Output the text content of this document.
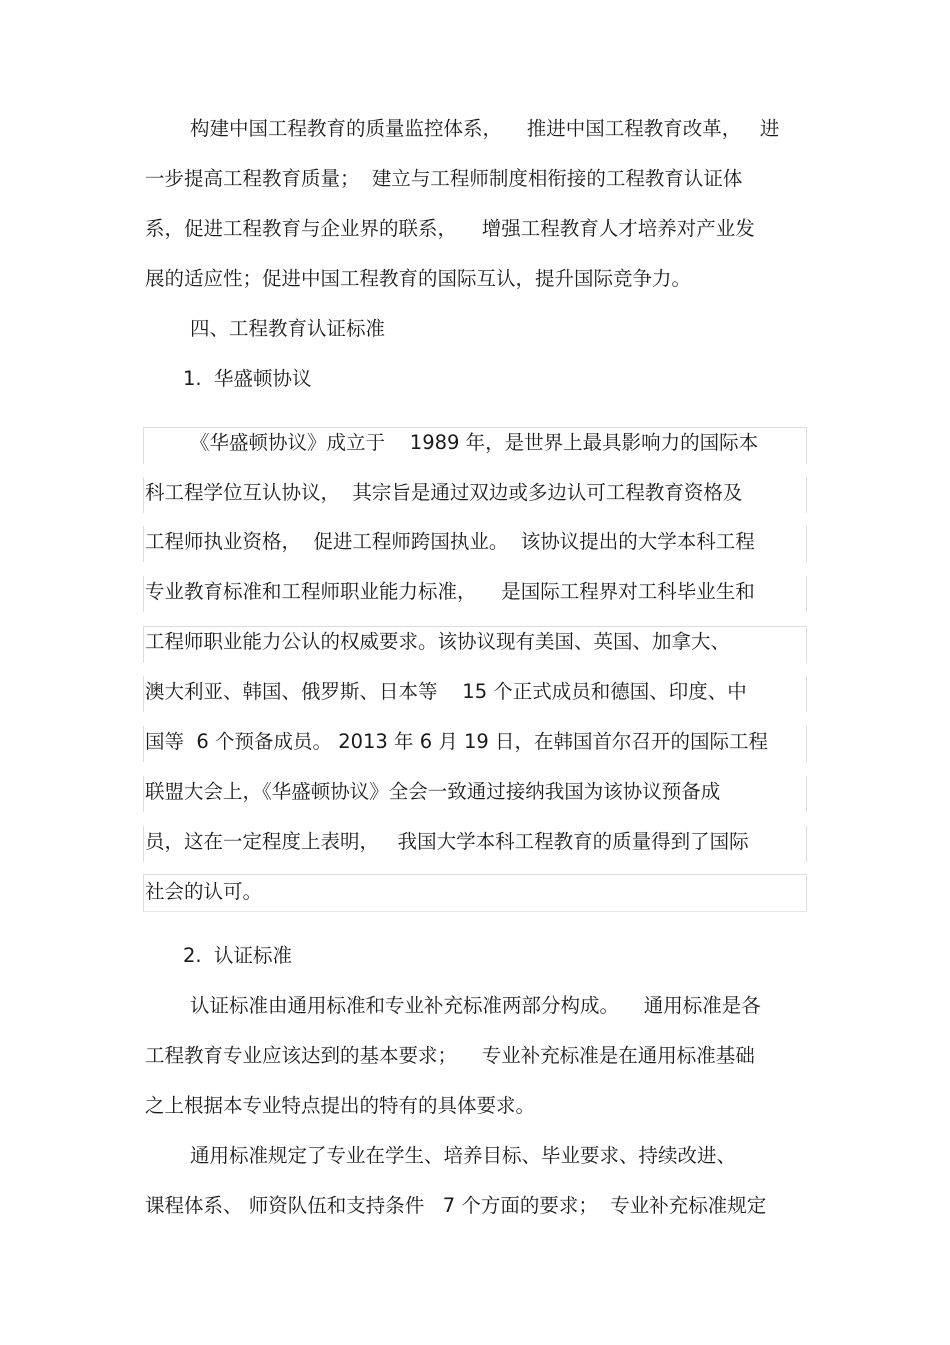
构建中国工程教育的质量监控体系，    推进中国工程教育改革，   进
一步提高工程教育质量；  建立与工程师制度相衔接的工程教育认证体
系，促进工程教育与企业界的联系，    增强工程教育人才培养对产业发
展的适应性；促进中国工程教育的国际互认，提升国际竞争力。
四、工程教育认证标准
1.  华盛顿协议
《华盛顿协议》成立于    1989 年，是世界上最具影响力的国际本
科工程学位互认协议，  其宗旨是通过双边或多边认可工程教育资格及
工程师执业资格，  促进工程师跨国执业。  该协议提出的大学本科工程
专业教育标准和工程师职业能力标准，    是国际工程界对工科毕业生和
工程师职业能力公认的权威要求。该协议现有美国、英国、加拿大、
澳大利亚、韩国、俄罗斯、日本等    15 个正式成员和德国、印度、中
国等  6 个预备成员。 2013 年 6 月 19 日，在韩国首尔召开的国际工程
联盟大会上，《华盛顿协议》全会一致通过接纳我国为该协议预备成
员，这在一定程度上表明，   我国大学本科工程教育的质量得到了国际
社会的认可。
2.  认证标准
认证标准由通用标准和专业补充标准两部分构成。    通用标准是各
工程教育专业应该达到的基本要求；    专业补充标准是在通用标准基础
之上根据本专业特点提出的特有的具体要求。
通用标准规定了专业在学生、培养目标、毕业要求、持续改进、
课程体系、 师资队伍和支持条件   7 个方面的要求；  专业补充标准规定
